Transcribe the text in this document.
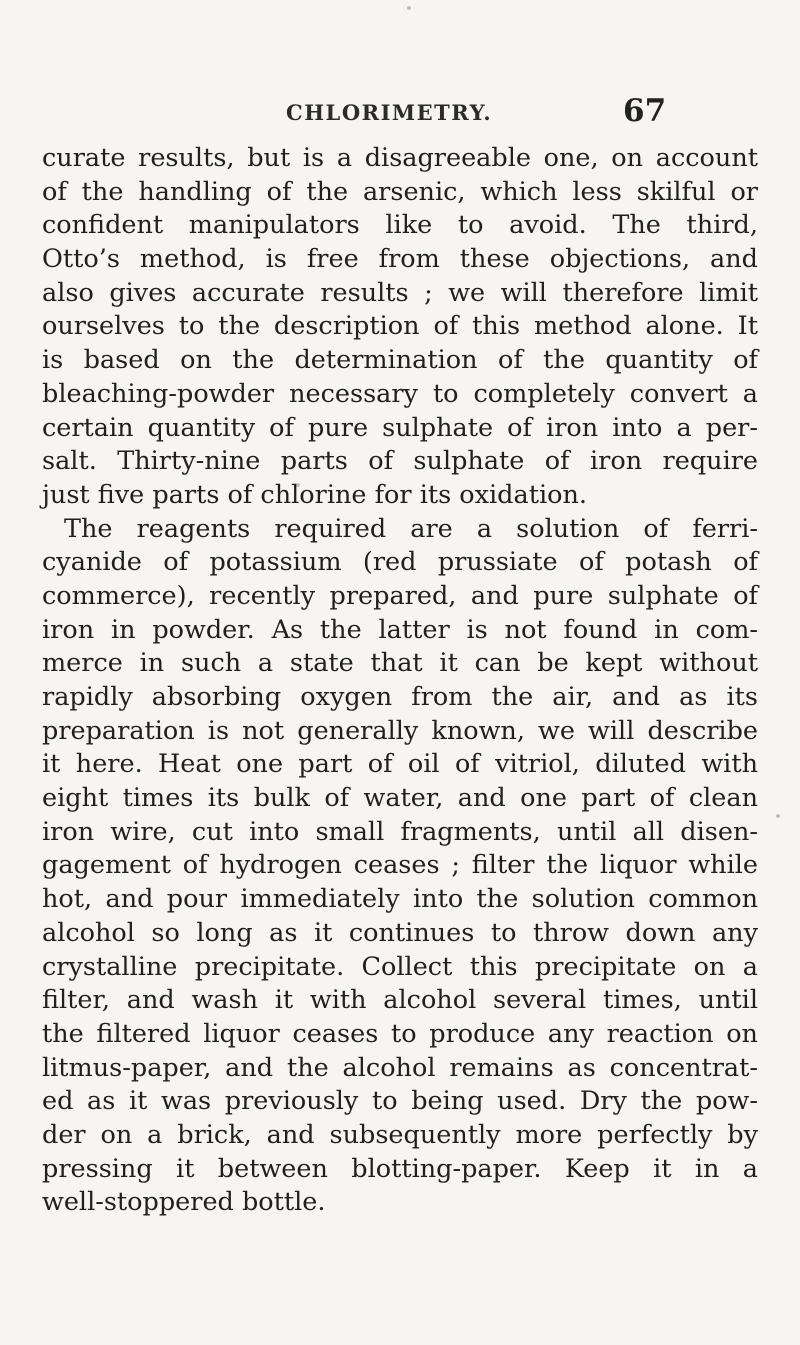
CHLORIMETRY.	67
curate results, but is a disagreeable one, on account
of the handling of the arsenic, which less skilful or
confident manipulators like to avoid. The third,
Otto’s method, is free from these objections, and
also gives accurate results ; we will therefore limit
ourselves to the description of this method alone. It
is based on the determination of the quantity of
bleaching-powder necessary to completely convert a
certain quantity of pure sulphate of iron into a per-
salt. Thirty-nine parts of sulphate of iron require
just five parts of chlorine for its oxidation.
The reagents required are a solution of ferri-
cyanide of potassium (red prussiate of potash of
commerce), recently prepared, and pure sulphate of
iron in powder. As the latter is not found in com-
merce in such a state that it can be kept without
rapidly absorbing oxygen from the air, and as its
preparation is not generally known, we will describe
it here. Heat one part of oil of vitriol, diluted with
eight times its bulk of water, and one part of clean
iron wire, cut into small fragments, until all disen-
gagement of hydrogen ceases ; filter the liquor while
hot, and pour immediately into the solution common
alcohol so long as it continues to throw down any
crystalline precipitate. Collect this precipitate on a
filter, and wash it with alcohol several times, until
the filtered liquor ceases to produce any reaction on
litmus-paper, and the alcohol remains as concentrat-
ed as it was previously to being used. Dry the pow-
der on a brick, and subsequently more perfectly by
pressing it between blotting-paper. Keep it in a
well-stoppered bottle.
